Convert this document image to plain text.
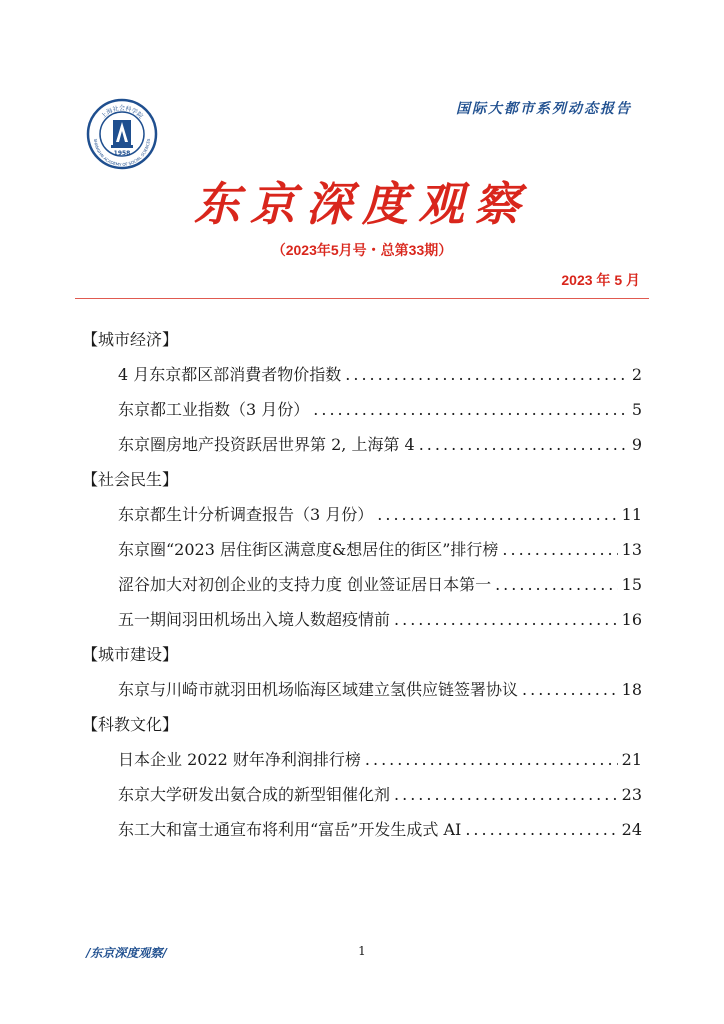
上海社会科学院
SHANGHAI ACADEMY OF SOCIAL SCIENCES
1958
国际大都市系列动态报告
东京深度观察
（2023年5月号・总第33期）
2023 年 5 月
【城市经济】
4 月东京都区部消費者物价指数 .....	2
东京都工业指数（3 月份） .....	5
东京圈房地产投资跃居世界第 2, 上海第 4 .....	9
【社会民生】
东京都生计分析调查报告（3 月份） .....	11
东京圈“2023 居住街区满意度&想居住的街区”排行榜 .....	13
涩谷加大对初创企业的支持力度 创业签证居日本第一 .....	15
五一期间羽田机场出入境人数超疫情前 .....	16
【城市建设】
东京与川崎市就羽田机场临海区域建立氢供应链签署协议 .....	18
【科教文化】
日本企业 2022 财年净利润排行榜 .....	21
东京大学研发出氨合成的新型钼催化剂 .....	23
东工大和富士通宣布将利用“富岳”开发生成式 AI .....	24
/东京深度观察/	1
